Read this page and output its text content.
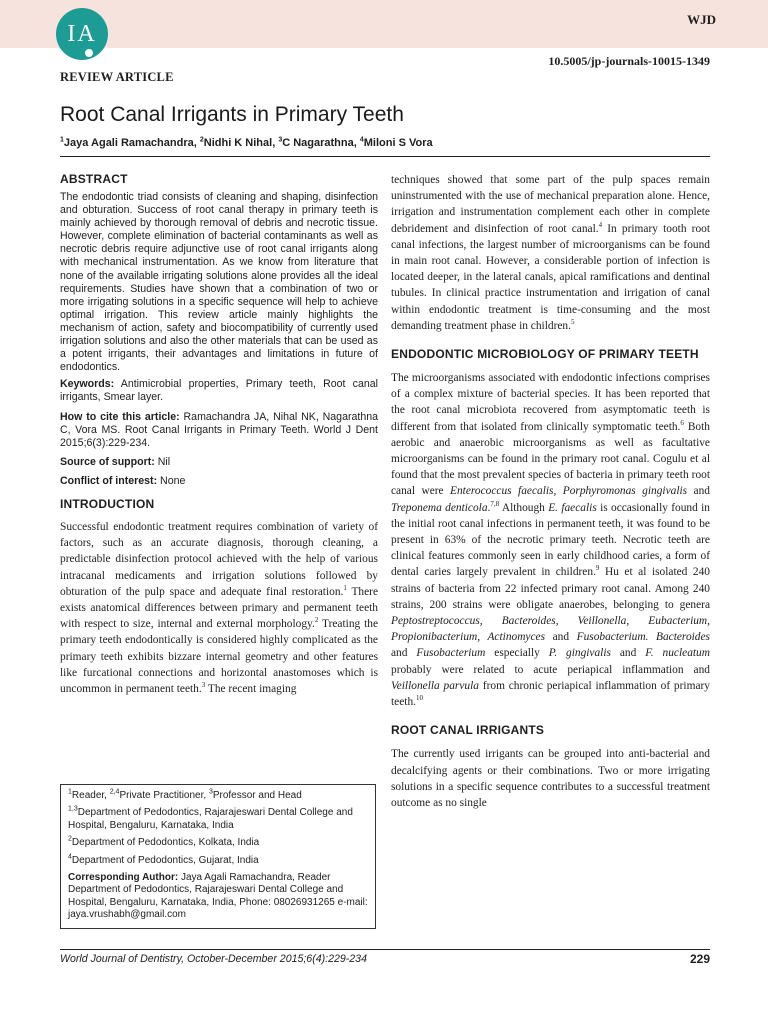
IA
WJD
10.5005/jp-journals-10015-1349
REVIEW ARTICLE
Root Canal Irrigants in Primary Teeth
$^1$Jaya Agali Ramachandra, $^2$Nidhi K Nihal, $^3$C Nagarathna, $^4$Miloni S Vora
ABSTRACT

The endodontic triad consists of cleaning and shaping, disinfection and obturation. Success of root canal therapy in primary teeth is mainly achieved by thorough removal of debris and necrotic tissue. However, complete elimination of bacterial contaminants as well as necrotic debris require adjunctive use of root canal irrigants along with mechanical instrumentation. As we know from literature that none of the available irrigating solutions alone provides all the ideal requirements. Studies have shown that a combination of two or more irrigating solutions in a specific sequence will help to achieve optimal irrigation. This review article mainly highlights the mechanism of action, safety and biocompatibility of currently used irrigation solutions and also the other materials that can be used as a potent irrigants, their advantages and limitations in future of endodontics.

Keywords: Antimicrobial properties, Primary teeth, Root canal irrigants, Smear layer.

How to cite this article: Ramachandra JA, Nihal NK, Nagarathna C, Vora MS. Root Canal Irrigants in Primary Teeth. World J Dent 2015;6(3):229-234.

Source of support: Nil

Conflict of interest: None

INTRODUCTION

Successful endodontic treatment requires combination of variety of factors, such as an accurate diagnosis, thorough cleaning, a predictable disinfection protocol achieved with the help of various intracanal medicaments and irrigation solutions followed by obturation of the pulp space and adequate final restoration.$^1$ There exists anatomical differences between primary and permanent teeth with respect to size, internal and external morphology.$^2$ Treating the primary teeth endodontically is considered highly complicated as the primary teeth exhibits bizzare internal geometry and other features like furcational connections and horizontal anastomoses which is uncommon in permanent teeth.$^3$ The recent imaging

$^1$Reader, $^{2,4}$Private Practitioner, $^3$Professor and Head

$^{1,3}$Department of Pedodontics, Rajarajeswari Dental College and Hospital, Bengaluru, Karnataka, India

$^2$Department of Pedodontics, Kolkata, India

$^4$Department of Pedodontics, Gujarat, India

Corresponding Author: Jaya Agali Ramachandra, Reader Department of Pedodontics, Rajarajeswari Dental College and Hospital, Bengaluru, Karnataka, India, Phone: 08026931265 e-mail: jaya.vrushabh@gmail.com

techniques showed that some part of the pulp spaces remain uninstrumented with the use of mechanical preparation alone. Hence, irrigation and instrumentation complement each other in complete debridement and disinfection of root canal.$^4$ In primary tooth root canal infections, the largest number of microorganisms can be found in main root canal. However, a considerable portion of infection is located deeper, in the lateral canals, apical ramifications and dentinal tubules. In clinical practice instrumentation and irrigation of canal within endodontic treatment is time-consuming and the most demanding treatment phase in children.$^5$

ENDODONTIC MICROBIOLOGY OF PRIMARY TEETH

The microorganisms associated with endodontic infections comprises of a complex mixture of bacterial species. It has been reported that the root canal microbiota recovered from asymptomatic teeth is different from that isolated from clinically symptomatic teeth.$^6$ Both aerobic and anaerobic microorganisms as well as facultative microorganisms can be found in the primary root canal. Cogulu et al found that the most prevalent species of bacteria in primary teeth root canal were Enterococcus faecalis, Porphyromonas gingivalis and Treponema denticola.$^{7,8}$ Although E. faecalis is occasionally found in the initial root canal infections in permanent teeth, it was found to be present in 63% of the necrotic primary teeth. Necrotic teeth are clinical features commonly seen in early childhood caries, a form of dental caries largely prevalent in children.$^9$ Hu et al isolated 240 strains of bacteria from 22 infected primary root canal. Among 240 strains, 200 strains were obligate anaerobes, belonging to genera Peptostreptococcus, Bacteroides, Veillonella, Eubacterium, Propionibacterium, Actinomyces and Fusobacterium. Bacteroides and Fusobacterium especially P. gingivalis and F. nucleatum probably were related to acute periapical inflammation and Veillonella parvula from chronic periapical inflammation of primary teeth.$^{10}$

ROOT CANAL IRRIGANTS

The currently used irrigants can be grouped into anti-bacterial and decalcifying agents or their combinations. Two or more irrigating solutions in a specific sequence contributes to a successful treatment outcome as no single

World Journal of Dentistry, October-December 2015;6(4):229-234	229
